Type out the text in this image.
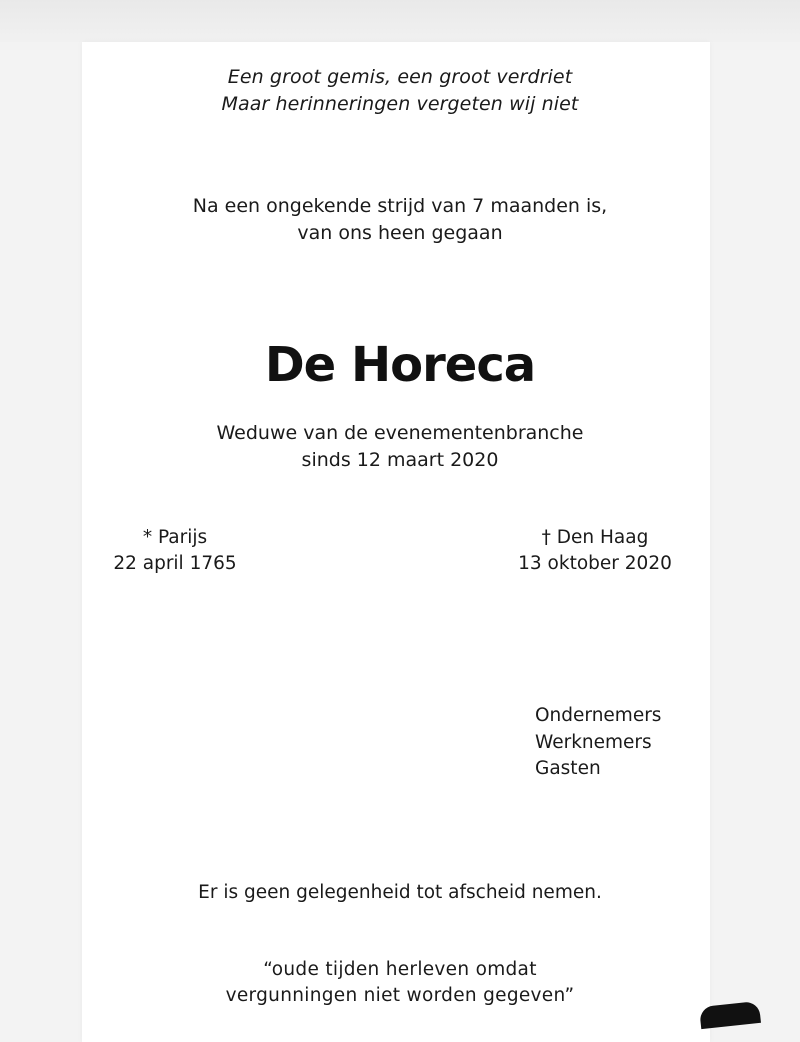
Een groot gemis, een groot verdriet
Maar herinneringen vergeten wij niet
Na een ongekende strijd van 7 maanden is,
van ons heen gegaan
De Horeca
Weduwe van de evenementenbranche
sinds 12 maart 2020
* Parijs
22 april 1765
† Den Haag
13 oktober 2020
Ondernemers
Werknemers
Gasten
Er is geen gelegenheid tot afscheid nemen.
“oude tijden herleven omdat
vergunningen niet worden gegeven”
